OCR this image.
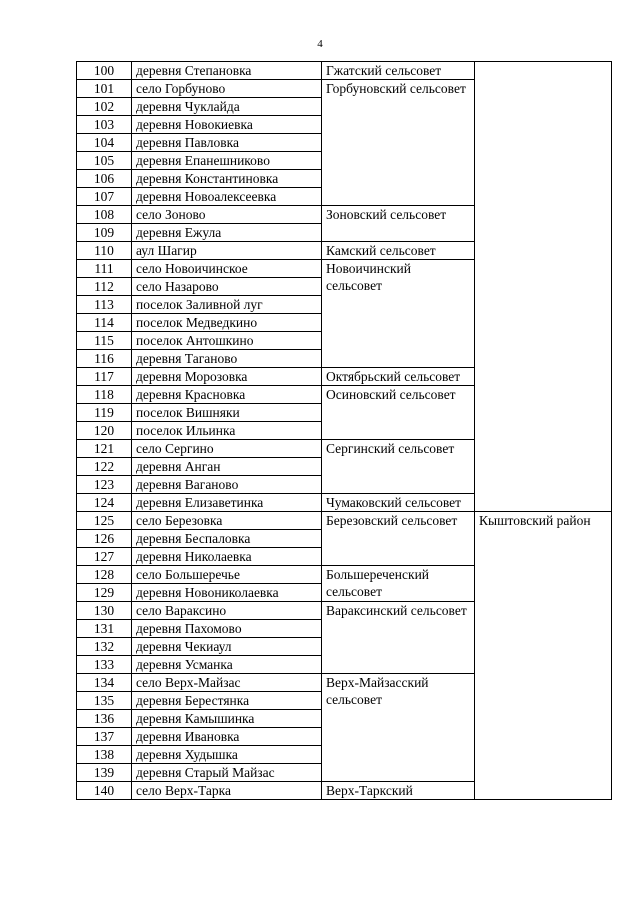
4
100	деревня Степановка	Гжатский сельсовет	
101	село Горбуново	Горбуновский сельсовет	
102	деревня Чуклайда		
103	деревня Новокиевка		
104	деревня Павловка		
105	деревня Епанешниково		
106	деревня Константиновка		
107	деревня Новоалексеевка		
108	село Зоново	Зоновский сельсовет	
109	деревня Ежула		
110	аул Шагир	Камский сельсовет	
111	село Новоичинское	Новоичинский сельсовет	
112	село Назарово		
113	поселок Заливной луг		
114	поселок Медведкино		
115	поселок Антошкино		
116	деревня Таганово		
117	деревня Морозовка	Октябрьский сельсовет	
118	деревня Красновка	Осиновский сельсовет	
119	поселок Вишняки		
120	поселок Ильинка		
121	село Сергино	Сергинский сельсовет	
122	деревня Анган		
123	деревня Ваганово		
124	деревня Елизаветинка	Чумаковский сельсовет	
125	село Березовка	Березовский сельсовет	Кыштовский район
126	деревня Беспаловка		
127	деревня Николаевка		
128	село Большеречье	Большереченский сельсовет	
129	деревня Новониколаевка		
130	село Вараксино	Вараксинский сельсовет	
131	деревня Пахомово		
132	деревня Чекиаул		
133	деревня Усманка		
134	село Верх-Майзас	Верх-Майзасский сельсовет	
135	деревня Берестянка		
136	деревня Камышинка		
137	деревня Ивановка		
138	деревня Худышка		
139	деревня Старый Майзас		
140	село Верх-Тарка	Верх-Таркский	
